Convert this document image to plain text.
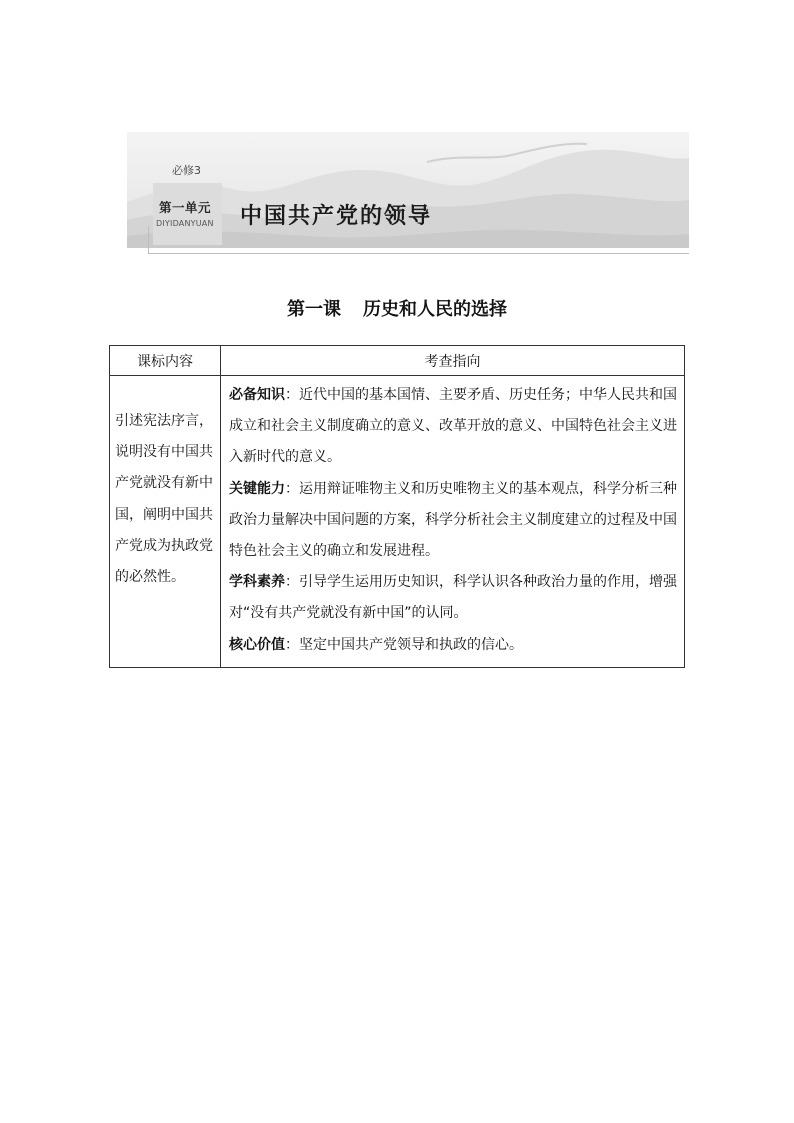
必修3
第一单元
DIYIDANYUAN 中国共产党的领导
第一课 历史和人民的选择
课标内容	考查指向

引述宪法序言，说明没有中国共产党就没有新中国，阐明中国共产党成为执政党的必然性。	必备知识：近代中国的基本国情、主要矛盾、历史任务；中华人民共和国成立和社会主义制度确立的意义、改革开放的意义、中国特色社会主义进入新时代的意义。

关键能力：运用辩证唯物主义和历史唯物主义的基本观点，科学分析三种政治力量解决中国问题的方案，科学分析社会主义制度建立的过程及中国特色社会主义的确立和发展进程。

学科素养：引导学生运用历史知识，科学认识各种政治力量的作用，增强对“没有共产党就没有新中国”的认同。

核心价值：坚定中国共产党领导和执政的信心。
